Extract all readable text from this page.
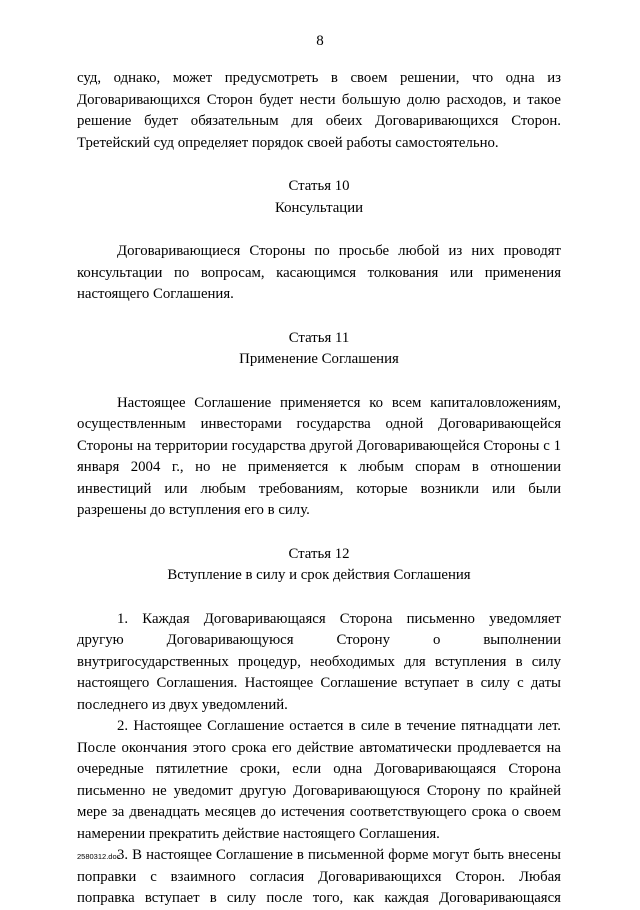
8

суд, однако, может предусмотреть в своем решении, что одна из Договаривающихся Сторон будет нести большую долю расходов, и такое решение будет обязательным для обеих Договаривающихся Сторон. Третейский суд определяет порядок своей работы самостоятельно.

Статья 10

Консультации

Договаривающиеся Стороны по просьбе любой из них проводят консультации по вопросам, касающимся толкования или применения настоящего Соглашения.

Статья 11

Применение Соглашения

Настоящее Соглашение применяется ко всем капиталовложениям, осуществленным инвесторами государства одной Договаривающейся Стороны на территории государства другой Договаривающейся Стороны с 1 января 2004 г., но не применяется к любым спорам в отношении инвестиций или любым требованиям, которые возникли или были разрешены до вступления его в силу.

Статья 12

Вступление в силу и срок действия Соглашения

1. Каждая Договаривающаяся Сторона письменно уведомляет

другую Договаривающуюся Сторону о выполнении

внутригосударственных процедур, необходимых для вступления в силу настоящего Соглашения. Настоящее Соглашение вступает в силу с даты последнего из двух уведомлений.

2. Настоящее Соглашение остается в силе в течение пятнадцати лет. После окончания этого срока его действие автоматически продлевается на очередные пятилетние сроки, если одна Договаривающаяся Сторона письменно не уведомит другую Договаривающуюся Сторону по крайней мере за двенадцать месяцев до истечения соответствующего срока о своем намерении прекратить действие настоящего Соглашения.

3. В настоящее Соглашение в письменной форме могут быть внесены поправки с взаимного согласия Договаривающихся Сторон. Любая поправка вступает в силу после того, как каждая Договаривающаяся

2580312.doc
